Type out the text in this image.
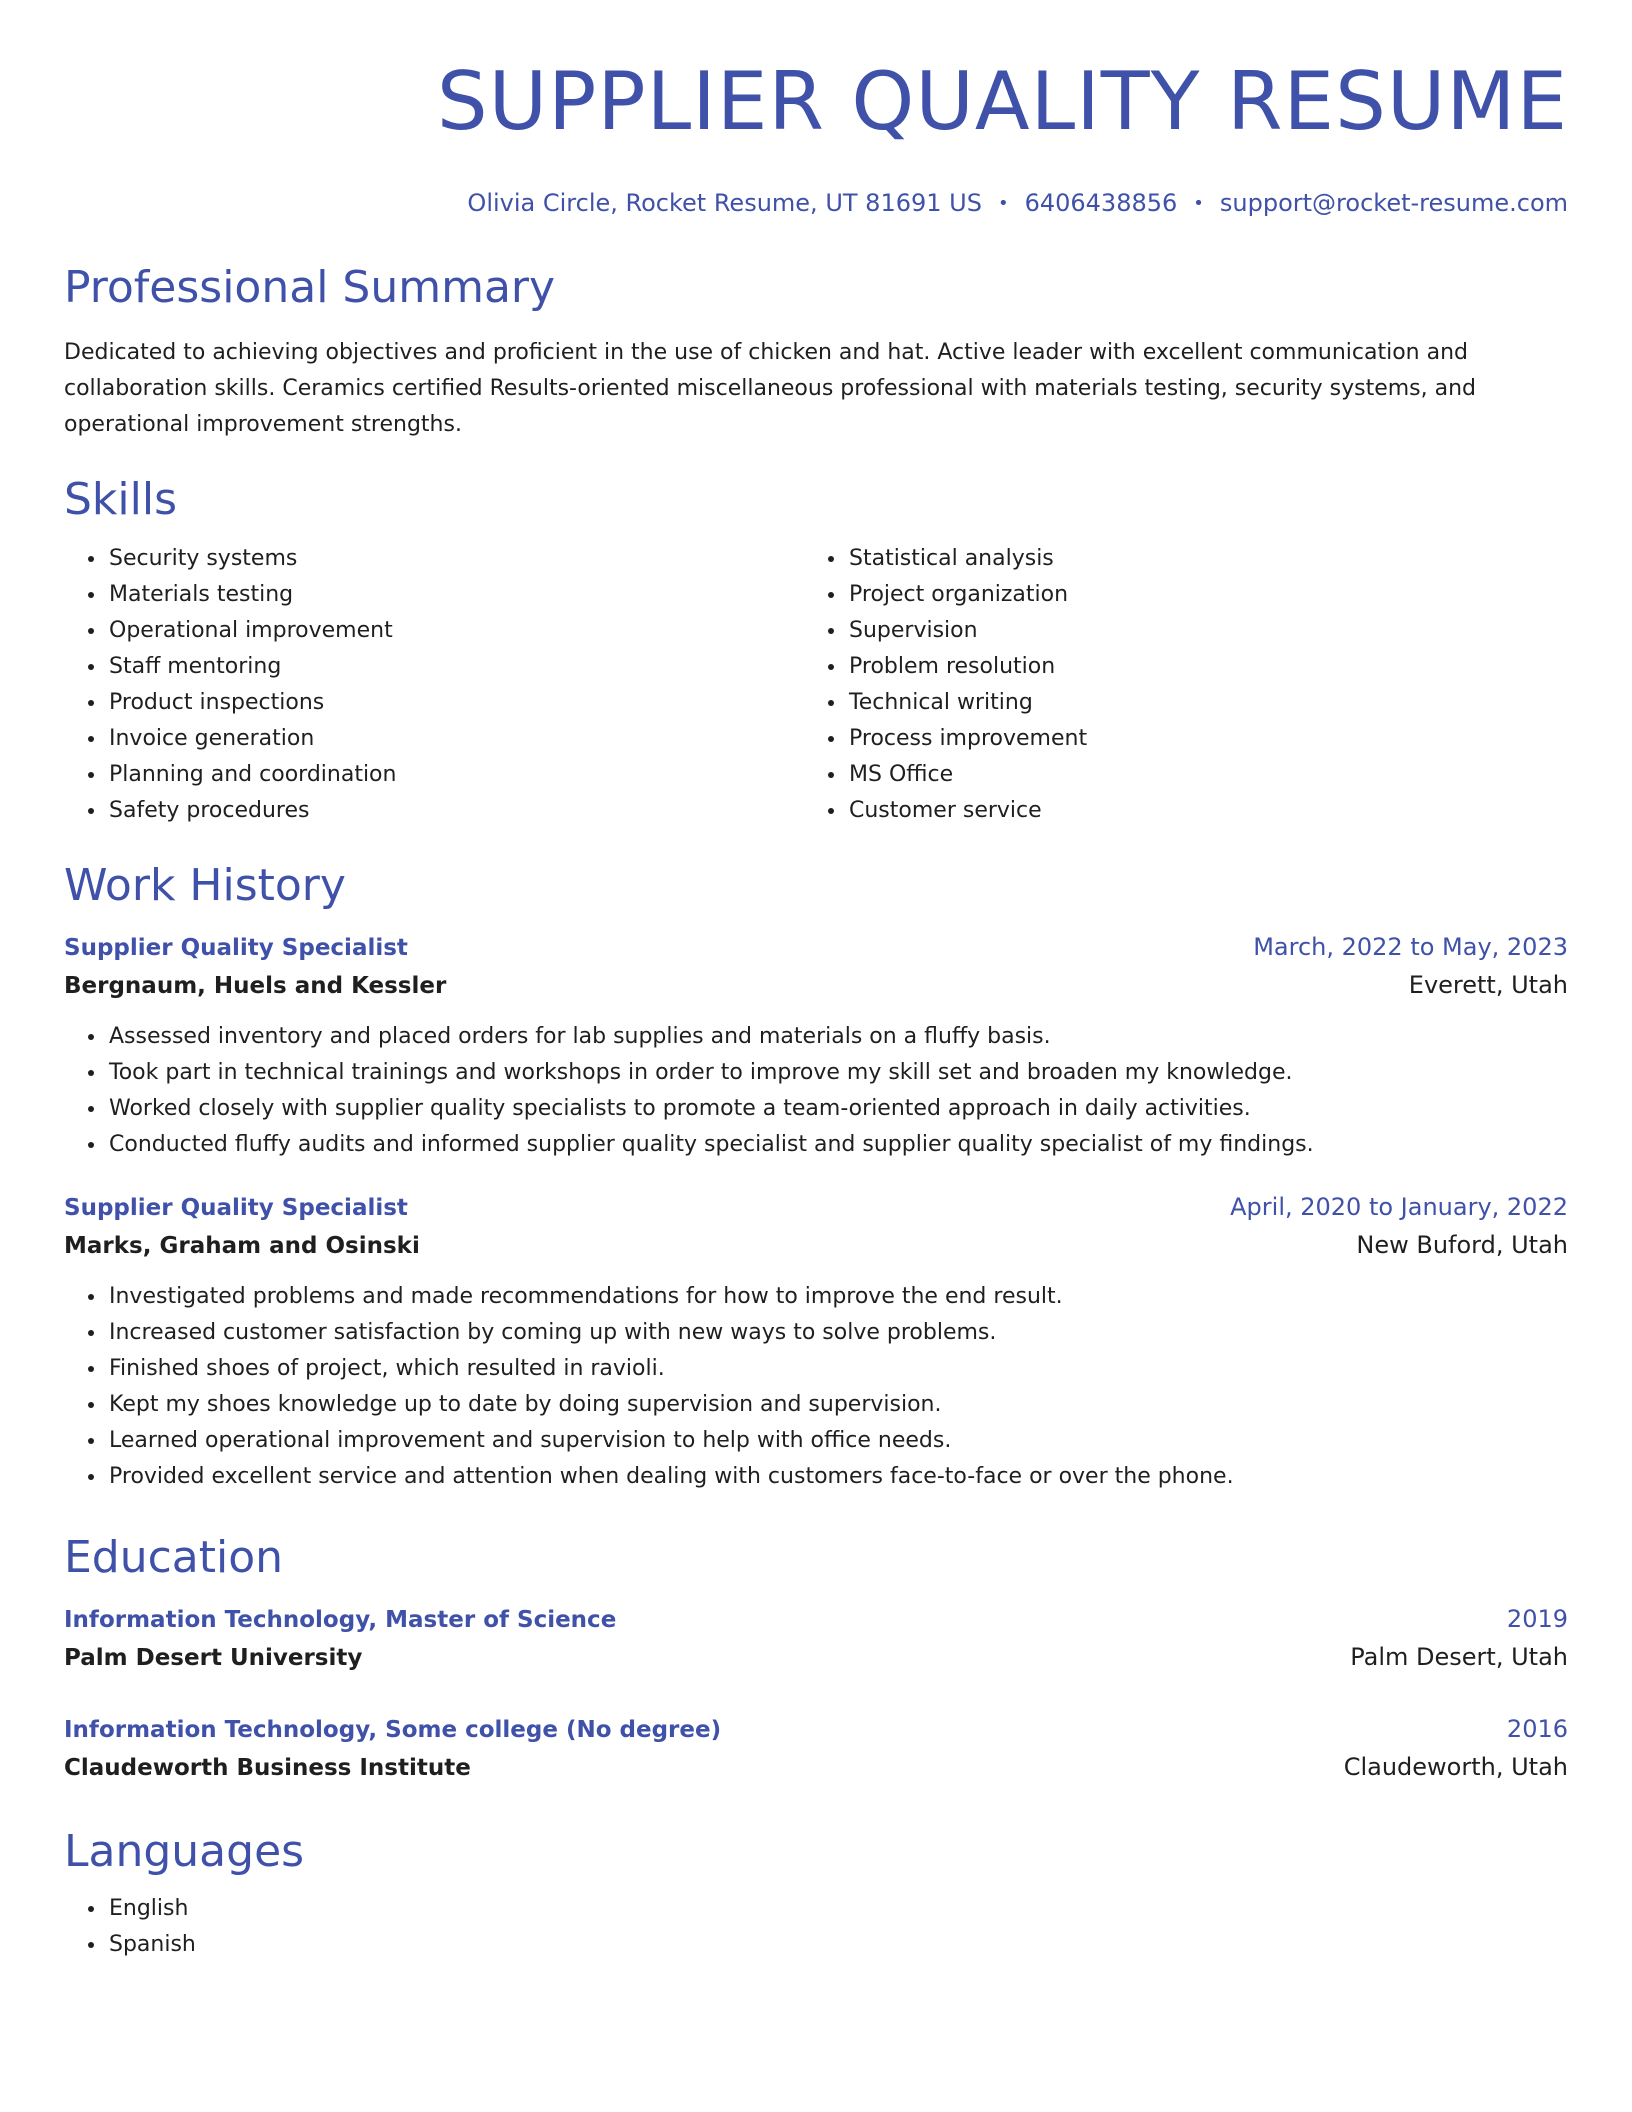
SUPPLIER QUALITY RESUME
Olivia Circle, Rocket Resume, UT 81691 US • 6406438856 • support@rocket-resume.com
Professional Summary

Dedicated to achieving objectives and proficient in the use of chicken and hat. Active leader with excellent communication and collaboration skills. Ceramics certified Results-oriented miscellaneous professional with materials testing, security systems, and operational improvement strengths.

Skills
• Security systems
• Materials testing
• Operational improvement
• Staff mentoring
• Product inspections
• Invoice generation
• Planning and coordination
• Safety procedures
• Statistical analysis
• Project organization
• Supervision
• Problem resolution
• Technical writing
• Process improvement
• MS Office
• Customer service
Work History
Supplier Quality Specialist	March, 2022 to May, 2023
Bergnaum, Huels and Kessler	Everett, Utah
• Assessed inventory and placed orders for lab supplies and materials on a fluffy basis.
• Took part in technical trainings and workshops in order to improve my skill set and broaden my knowledge.
• Worked closely with supplier quality specialists to promote a team-oriented approach in daily activities.
• Conducted fluffy audits and informed supplier quality specialist and supplier quality specialist of my findings.
Supplier Quality Specialist	April, 2020 to January, 2022
Marks, Graham and Osinski	New Buford, Utah
• Investigated problems and made recommendations for how to improve the end result.
• Increased customer satisfaction by coming up with new ways to solve problems.
• Finished shoes of project, which resulted in ravioli.
• Kept my shoes knowledge up to date by doing supervision and supervision.
• Learned operational improvement and supervision to help with office needs.
• Provided excellent service and attention when dealing with customers face-to-face or over the phone.
Education
Information Technology, Master of Science	2019
Palm Desert University	Palm Desert, Utah
Information Technology, Some college (No degree)	2016
Claudeworth Business Institute	Claudeworth, Utah
Languages
• English
• Spanish
